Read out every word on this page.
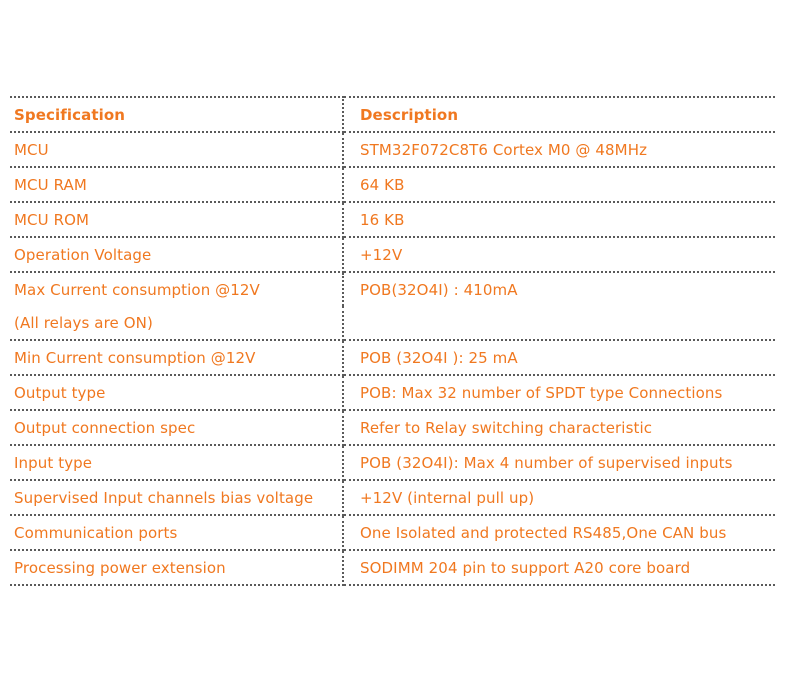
Specification	Description
MCU	STM32F072C8T6 Cortex M0 @ 48MHz
MCU RAM	64 KB
MCU ROM	16 KB
Operation Voltage	+12V
Max Current consumption @12V	POB(32O4I) : 410mA
(All relays are ON)	
Min Current consumption @12V	POB (32O4I ): 25 mA
Output type	POB: Max 32 number of SPDT type Connections
Output connection spec	Refer to Relay switching characteristic
Input type	POB (32O4I): Max 4 number of supervised inputs
Supervised Input channels bias voltage	+12V (internal pull up)
Communication ports	One Isolated and protected RS485,One CAN bus
Processing power extension	SODIMM 204 pin to support A20 core board
